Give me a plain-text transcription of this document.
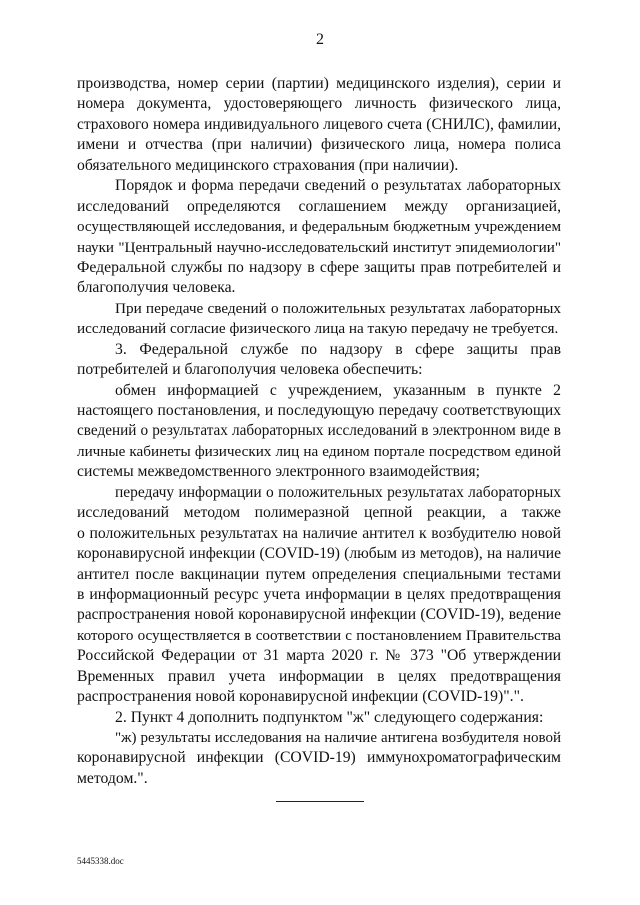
2
производства, номер серии (партии) медицинского изделия), серии и
номера документа, удостоверяющего личность физического лица,
страхового номера индивидуального лицевого счета (СНИЛС), фамилии,
имени и отчества (при наличии) физического лица, номера полиса
обязательного медицинского страхования (при наличии).
Порядок и форма передачи сведений о результатах лабораторных
исследований определяются соглашением между организацией,
осуществляющей исследования, и федеральным бюджетным учреждением
науки "Центральный научно-исследовательский институт эпидемиологии"
Федеральной службы по надзору в сфере защиты прав потребителей и
благополучия человека.
При передаче сведений о положительных результатах лабораторных
исследований согласие физического лица на такую передачу не требуется.
3. Федеральной службе по надзору в сфере защиты прав
потребителей и благополучия человека обеспечить:
обмен информацией с учреждением, указанным в пункте 2
настоящего постановления, и последующую передачу соответствующих
сведений о результатах лабораторных исследований в электронном виде в
личные кабинеты физических лиц на едином портале посредством единой
системы межведомственного электронного взаимодействия;
передачу информации о положительных результатах лабораторных
исследований методом полимеразной цепной реакции, а также
о положительных результатах на наличие антител к возбудителю новой
коронавирусной инфекции (COVID-19) (любым из методов), на наличие
антител после вакцинации путем определения специальными тестами
в информационный ресурс учета информации в целях предотвращения
распространения новой коронавирусной инфекции (COVID-19), ведение
которого осуществляется в соответствии с постановлением Правительства
Российской Федерации от 31 марта 2020 г. № 373 "Об утверждении
Временных правил учета информации в целях предотвращения
распространения новой коронавирусной инфекции (COVID-19)".".
2. Пункт 4 дополнить подпунктом "ж" следующего содержания:
"ж) результаты исследования на наличие антигена возбудителя новой
коронавирусной инфекции (COVID-19) иммунохроматографическим
методом.".
5445338.doc
